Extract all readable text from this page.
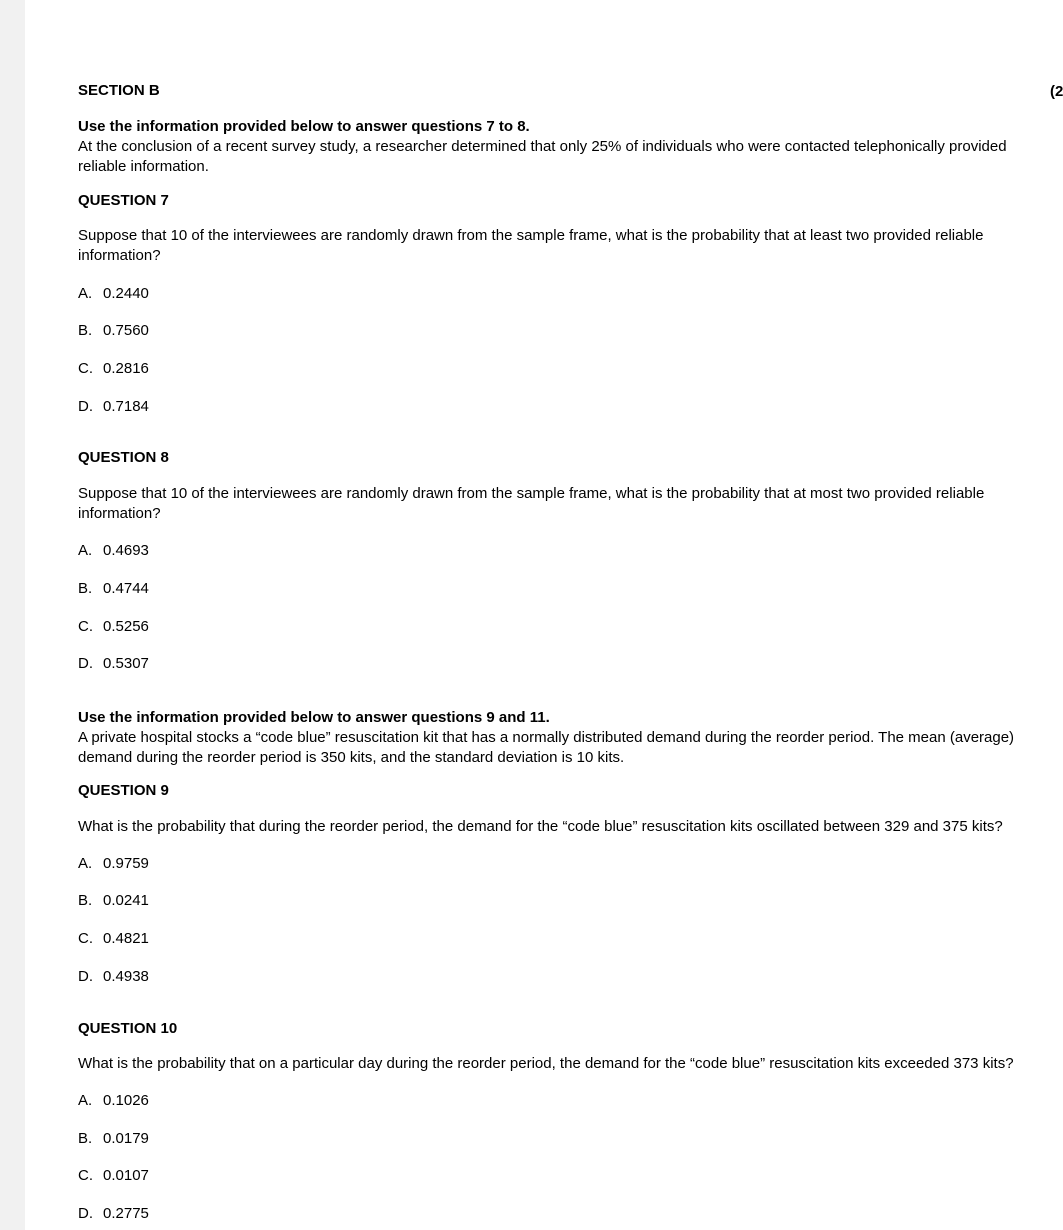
(2
SECTION B
Use the information provided below to answer questions 7 to 8.
At the conclusion of a recent survey study, a researcher determined that only 25% of individuals who were contacted telephonically provided reliable information.
QUESTION 7
Suppose that 10 of the interviewees are randomly drawn from the sample frame, what is the probability that at least two provided reliable information?
A. 0.2440
B. 0.7560
C. 0.2816
D. 0.7184
QUESTION 8
Suppose that 10 of the interviewees are randomly drawn from the sample frame, what is the probability that at most two provided reliable information?
A. 0.4693
B. 0.4744
C. 0.5256
D. 0.5307
Use the information provided below to answer questions 9 and 11.
A private hospital stocks a “code blue” resuscitation kit that has a normally distributed demand during the reorder period. The mean (average) demand during the reorder period is 350 kits, and the standard deviation is 10 kits.
QUESTION 9
What is the probability that during the reorder period, the demand for the “code blue” resuscitation kits oscillated between 329 and 375 kits?
A. 0.9759
B. 0.0241
C. 0.4821
D. 0.4938
QUESTION 10
What is the probability that on a particular day during the reorder period, the demand for the “code blue” resuscitation kits exceeded 373 kits?
A. 0.1026
B. 0.0179
C. 0.0107
D. 0.2775
